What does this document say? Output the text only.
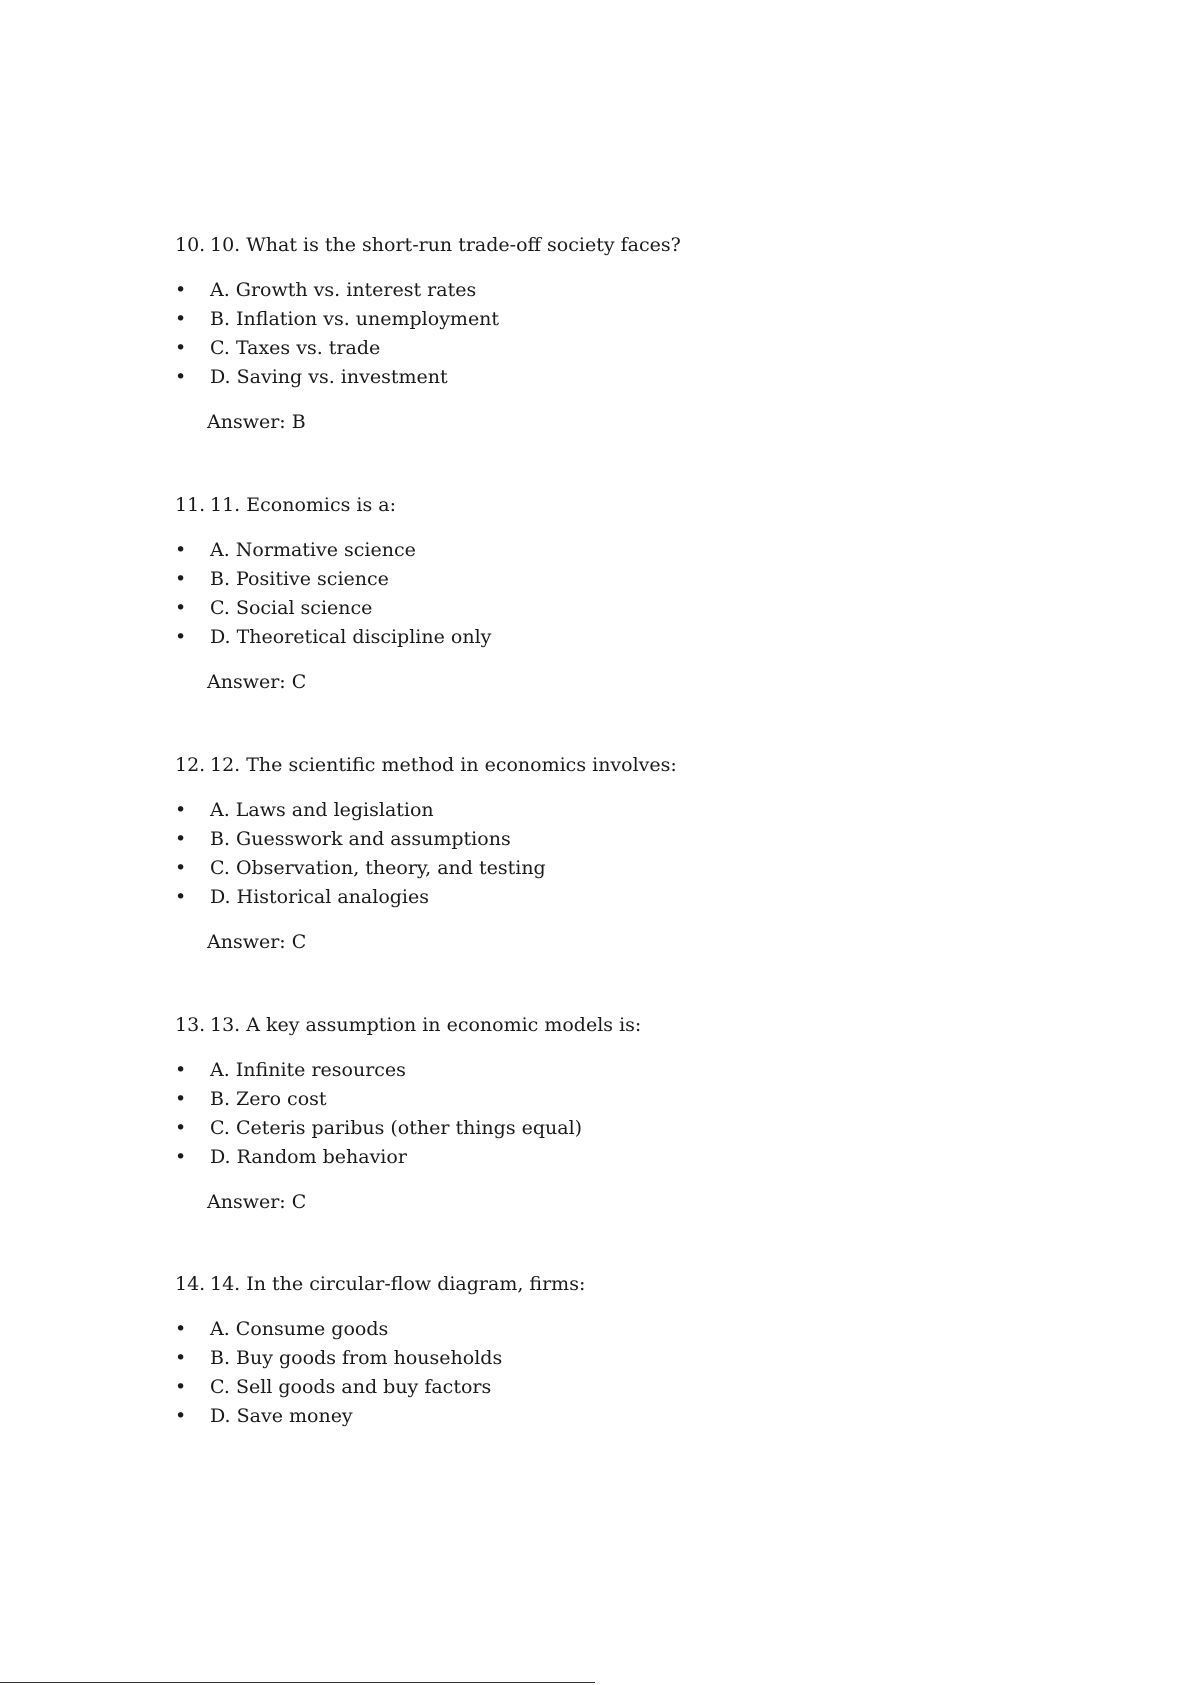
10. 10. What is the short-run trade-off society faces?
•	A. Growth vs. interest rates
•	B. Inflation vs. unemployment
•	C. Taxes vs. trade
•	D. Saving vs. investment
Answer: B
11. 11. Economics is a:
•	A. Normative science
•	B. Positive science
•	C. Social science
•	D. Theoretical discipline only
Answer: C
12. 12. The scientific method in economics involves:
•	A. Laws and legislation
•	B. Guesswork and assumptions
•	C. Observation, theory, and testing
•	D. Historical analogies
Answer: C
13. 13. A key assumption in economic models is:
•	A. Infinite resources
•	B. Zero cost
•	C. Ceteris paribus (other things equal)
•	D. Random behavior
Answer: C
14. 14. In the circular-flow diagram, firms:
•	A. Consume goods
•	B. Buy goods from households
•	C. Sell goods and buy factors
•	D. Save money
